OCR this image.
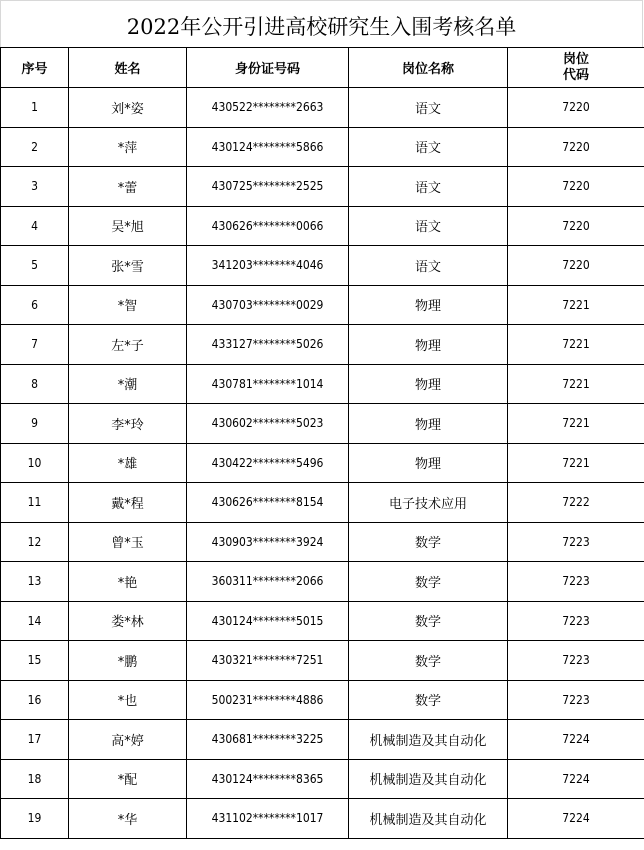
2022年公开引进高校研究生入围考核名单
序号	姓名	身份证号码	岗位名称	岗位
代码

1	刘*姿	430522********2663	语文	7220
2	*萍	430124********5866	语文	7220
3	*蕾	430725********2525	语文	7220
4	吴*旭	430626********0066	语文	7220
5	张*雪	341203********4046	语文	7220
6	*智	430703********0029	物理	7221
7	左*子	433127********5026	物理	7221
8	*潮	430781********1014	物理	7221
9	李*玲	430602********5023	物理	7221
10	*雄	430422********5496	物理	7221
11	戴*程	430626********8154	电子技术应用	7222
12	曾*玉	430903********3924	数学	7223
13	*艳	360311********2066	数学	7223
14	娄*林	430124********5015	数学	7223
15	*鹏	430321********7251	数学	7223
16	*也	500231********4886	数学	7223
17	高*婷	430681********3225	机械制造及其自动化	7224
18	*配	430124********8365	机械制造及其自动化	7224
19	*华	431102********1017	机械制造及其自动化	7224
